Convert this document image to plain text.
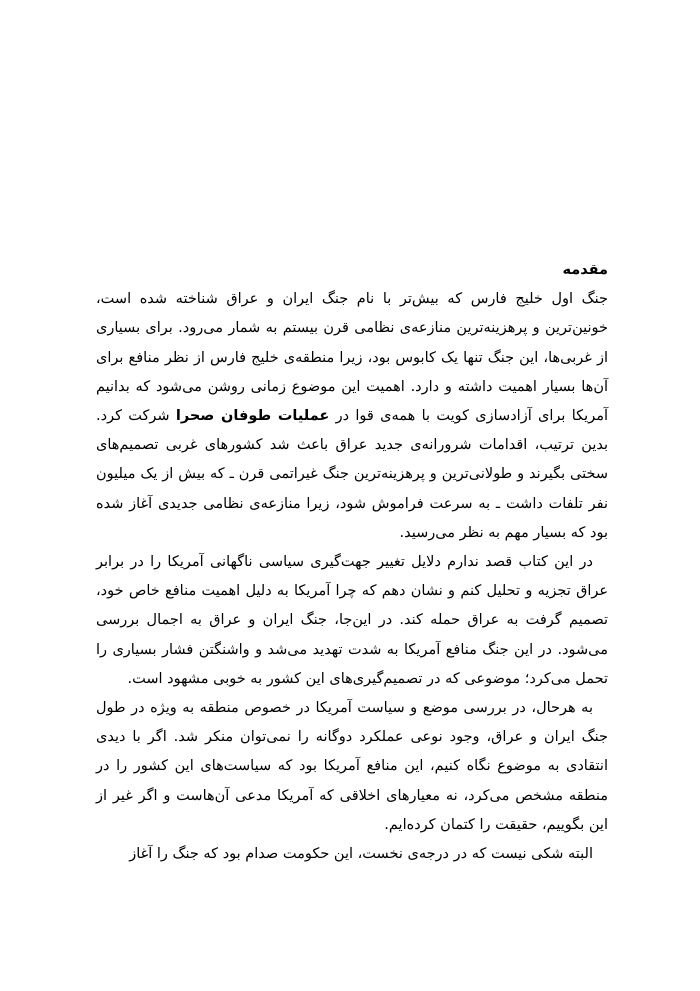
مقدمه

جنگ اول خلیج فارس که بیش‌تر با نام جنگ ایران و عراق شناخته شده است، خونین‌ترین و پرهزینه‌ترین منازعه‌ی نظامی قرن بیستم به شمار می‌رود. برای بسیاری از غربی‌ها، این جنگ تنها یک کابوس بود، زیرا منطقه‌ی خلیج فارس از نظر منافع برای آن‌ها بسیار اهمیت داشته و دارد. اهمیت این موضوع زمانی روشن می‌شود که بدانیم آمریکا برای آزادسازی کویت با همه‌ی قوا در عملیات طوفان صحرا شرکت کرد. بدین ترتیب، اقدامات شرورانه‌ی جدید عراق باعث شد کشورهای غربی تصمیم‌های سختی بگیرند و طولانی‌ترین و پرهزینه‌ترین جنگ غیراتمی قرن ـ که بیش از یک میلیون نفر تلفات داشت ـ به سرعت فراموش شود، زیرا منازعه‌ی نظامی جدیدی آغاز شده بود که بسیار مهم به نظر می‌رسید.

در این کتاب قصد ندارم دلایل تغییر جهت‌گیری سیاسی ناگهانی آمریکا را در برابر عراق تجزیه و تحلیل کنم و نشان دهم که چرا آمریکا به دلیل اهمیت منافع خاص خود، تصمیم گرفت به عراق حمله کند. در این‌جا، جنگ ایران و عراق به اجمال بررسی می‌شود. در این جنگ منافع آمریکا به شدت تهدید می‌شد و واشنگتن فشار بسیاری را تحمل می‌کرد؛ موضوعی که در تصمیم‌گیری‌های این کشور به خوبی مشهود است.

به هرحال، در بررسی موضع و سیاست آمریکا در خصوص منطقه به ویژه در طول جنگ ایران و عراق، وجود نوعی عملکرد دوگانه را نمی‌توان منکر شد. اگر با دیدی انتقادی به موضوع نگاه کنیم، این منافع آمریکا بود که سیاست‌های این کشور را در منطقه مشخص می‌کرد، نه معیارهای اخلاقی که آمریکا مدعی آن‌هاست و اگر غیر از این بگوییم، حقیقت را کتمان کرده‌ایم.

البته شکی نیست که در درجه‌ی نخست، این حکومت صدام بود که جنگ را آغاز
